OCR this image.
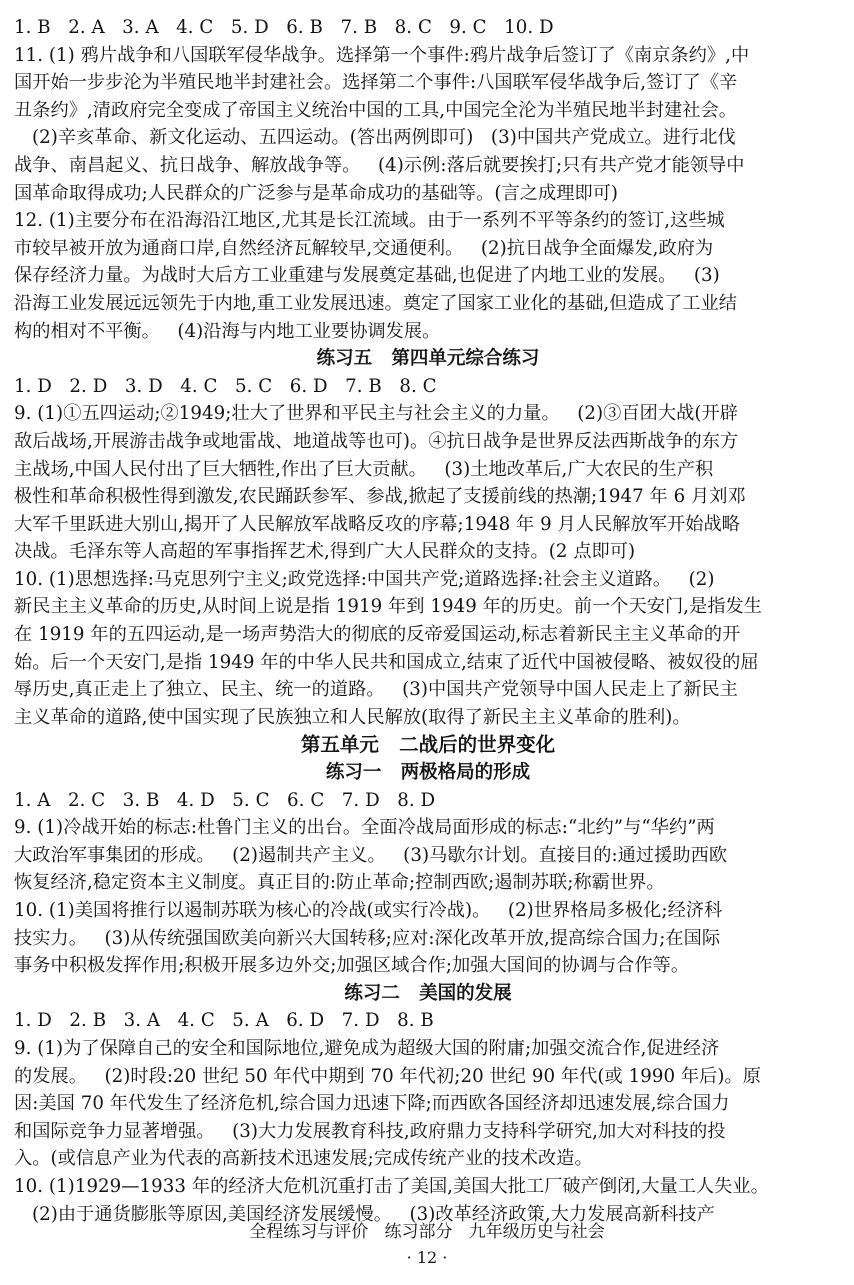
1. B   2. A   3. A   4. C   5. D   6. B   7. B   8. C   9. C   10. D
11. (1) 鸦片战争和八国联军侵华战争。选择第一个事件:鸦片战争后签订了《南京条约》,中
国开始一步步沦为半殖民地半封建社会。选择第二个事件:八国联军侵华战争后,签订了《辛
丑条约》,清政府完全变成了帝国主义统治中国的工具,中国完全沦为半殖民地半封建社会。
(2)辛亥革命、新文化运动、五四运动。(答出两例即可)   (3)中国共产党成立。进行北伐
战争、南昌起义、抗日战争、解放战争等。   (4)示例:落后就要挨打;只有共产党才能领导中
国革命取得成功;人民群众的广泛参与是革命成功的基础等。(言之成理即可)
12. (1)主要分布在沿海沿江地区,尤其是长江流域。由于一系列不平等条约的签订,这些城
市较早被开放为通商口岸,自然经济瓦解较早,交通便利。   (2)抗日战争全面爆发,政府为
保存经济力量。为战时大后方工业重建与发展奠定基础,也促进了内地工业的发展。   (3)
沿海工业发展远远领先于内地,重工业发展迅速。奠定了国家工业化的基础,但造成了工业结
构的相对不平衡。   (4)沿海与内地工业要协调发展。
练习五   第四单元综合练习
1. D   2. D   3. D   4. C   5. C   6. D   7. B   8. C
9. (1)①五四运动;②1949;壮大了世界和平民主与社会主义的力量。   (2)③百团大战(开辟
敌后战场,开展游击战争或地雷战、地道战等也可)。④抗日战争是世界反法西斯战争的东方
主战场,中国人民付出了巨大牺牲,作出了巨大贡献。   (3)土地改革后,广大农民的生产积
极性和革命积极性得到激发,农民踊跃参军、参战,掀起了支援前线的热潮;1947 年 6 月刘邓
大军千里跃进大别山,揭开了人民解放军战略反攻的序幕;1948 年 9 月人民解放军开始战略
决战。毛泽东等人高超的军事指挥艺术,得到广大人民群众的支持。(2 点即可)
10. (1)思想选择:马克思列宁主义;政党选择:中国共产党;道路选择:社会主义道路。   (2)
新民主主义革命的历史,从时间上说是指 1919 年到 1949 年的历史。前一个天安门,是指发生
在 1919 年的五四运动,是一场声势浩大的彻底的反帝爱国运动,标志着新民主主义革命的开
始。后一个天安门,是指 1949 年的中华人民共和国成立,结束了近代中国被侵略、被奴役的屈
辱历史,真正走上了独立、民主、统一的道路。   (3)中国共产党领导中国人民走上了新民主
主义革命的道路,使中国实现了民族独立和人民解放(取得了新民主主义革命的胜利)。
第五单元   二战后的世界变化
练习一   两极格局的形成
1. A   2. C   3. B   4. D   5. C   6. C   7. D   8. D
9. (1)冷战开始的标志:杜鲁门主义的出台。全面冷战局面形成的标志:“北约”与“华约”两
大政治军事集团的形成。   (2)遏制共产主义。   (3)马歇尔计划。直接目的:通过援助西欧
恢复经济,稳定资本主义制度。真正目的:防止革命;控制西欧;遏制苏联;称霸世界。
10. (1)美国将推行以遏制苏联为核心的冷战(或实行冷战)。   (2)世界格局多极化;经济科
技实力。   (3)从传统强国欧美向新兴大国转移;应对:深化改革开放,提高综合国力;在国际
事务中积极发挥作用;积极开展多边外交;加强区域合作;加强大国间的协调与合作等。
练习二   美国的发展
1. D   2. B   3. A   4. C   5. A   6. D   7. D   8. B
9. (1)为了保障自己的安全和国际地位,避免成为超级大国的附庸;加强交流合作,促进经济
的发展。   (2)时段:20 世纪 50 年代中期到 70 年代初;20 世纪 90 年代(或 1990 年后)。原
因:美国 70 年代发生了经济危机,综合国力迅速下降;而西欧各国经济却迅速发展,综合国力
和国际竞争力显著增强。   (3)大力发展教育科技,政府鼎力支持科学研究,加大对科技的投
入。(或信息产业为代表的高新技术迅速发展;完成传统产业的技术改造。
10. (1)1929—1933 年的经济大危机沉重打击了美国,美国大批工厂破产倒闭,大量工人失业。
(2)由于通货膨胀等原因,美国经济发展缓慢。   (3)改革经济政策,大力发展高新科技产
全程练习与评价   练习部分   九年级历史与社会
· 12 ·
